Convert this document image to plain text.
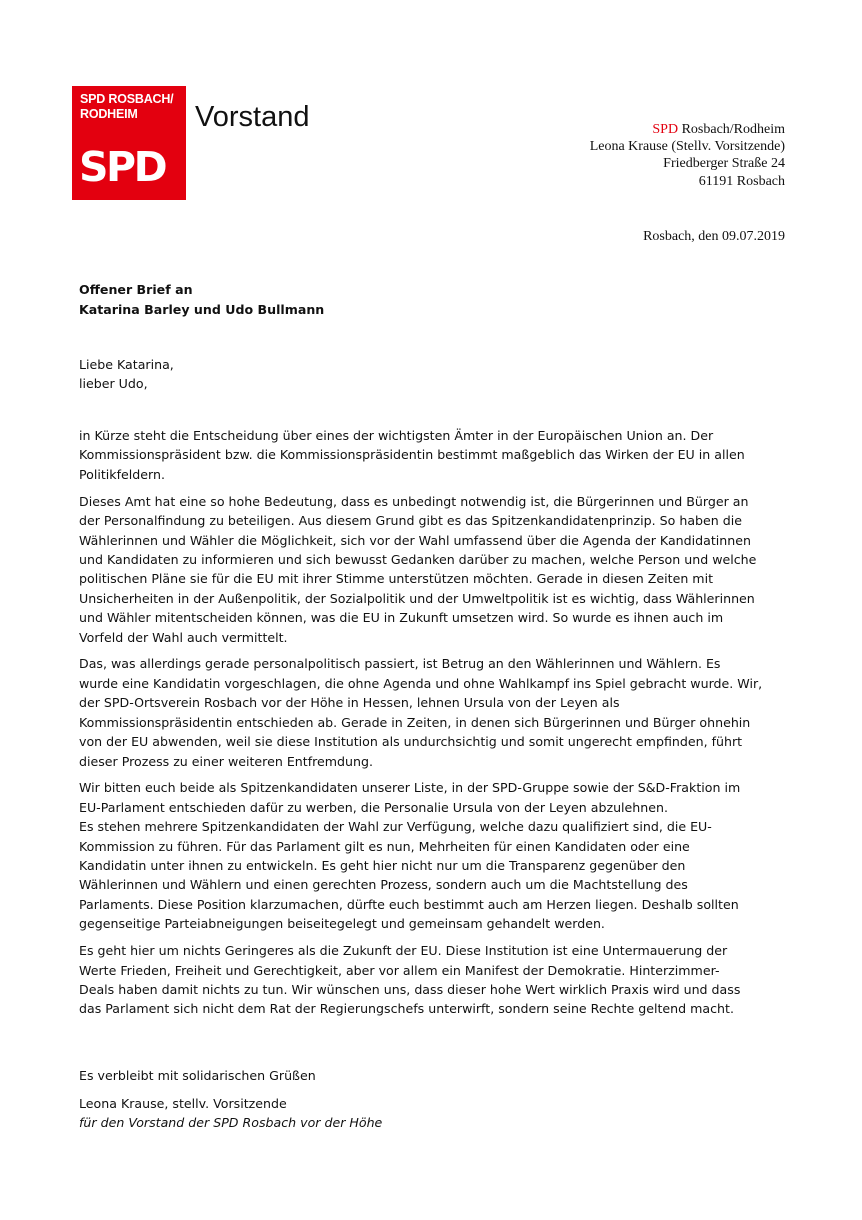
SPD ROSBACH/
RODHEIM
SPD
Vorstand	SPD Rosbach/Rodheim
Leona Krause (Stellv. Vorsitzende)
Friedberger Straße 24
61191 Rosbach
Rosbach, den 09.07.2019
Offener Brief an
Katarina Barley und Udo Bullmann
Liebe Katarina,
lieber Udo,

in Kürze steht die Entscheidung über eines der wichtigsten Ämter in der Europäischen Union an. Der
Kommissionspräsident bzw. die Kommissionspräsidentin bestimmt maßgeblich das Wirken der EU in allen
Politikfeldern.

Dieses Amt hat eine so hohe Bedeutung, dass es unbedingt notwendig ist, die Bürgerinnen und Bürger an
der Personalfindung zu beteiligen. Aus diesem Grund gibt es das Spitzenkandidatenprinzip. So haben die
Wählerinnen und Wähler die Möglichkeit, sich vor der Wahl umfassend über die Agenda der Kandidatinnen
und Kandidaten zu informieren und sich bewusst Gedanken darüber zu machen, welche Person und welche
politischen Pläne sie für die EU mit ihrer Stimme unterstützen möchten. Gerade in diesen Zeiten mit
Unsicherheiten in der Außenpolitik, der Sozialpolitik und der Umweltpolitik ist es wichtig, dass Wählerinnen
und Wähler mitentscheiden können, was die EU in Zukunft umsetzen wird. So wurde es ihnen auch im
Vorfeld der Wahl auch vermittelt.

Das, was allerdings gerade personalpolitisch passiert, ist Betrug an den Wählerinnen und Wählern. Es
wurde eine Kandidatin vorgeschlagen, die ohne Agenda und ohne Wahlkampf ins Spiel gebracht wurde. Wir,
der SPD-Ortsverein Rosbach vor der Höhe in Hessen, lehnen Ursula von der Leyen als
Kommissionspräsidentin entschieden ab. Gerade in Zeiten, in denen sich Bürgerinnen und Bürger ohnehin
von der EU abwenden, weil sie diese Institution als undurchsichtig und somit ungerecht empfinden, führt
dieser Prozess zu einer weiteren Entfremdung.

Wir bitten euch beide als Spitzenkandidaten unserer Liste, in der SPD-Gruppe sowie der S&D-Fraktion im
EU-Parlament entschieden dafür zu werben, die Personalie Ursula von der Leyen abzulehnen.
Es stehen mehrere Spitzenkandidaten der Wahl zur Verfügung, welche dazu qualifiziert sind, die EU-
Kommission zu führen. Für das Parlament gilt es nun, Mehrheiten für einen Kandidaten oder eine
Kandidatin unter ihnen zu entwickeln. Es geht hier nicht nur um die Transparenz gegenüber den
Wählerinnen und Wählern und einen gerechten Prozess, sondern auch um die Machtstellung des
Parlaments. Diese Position klarzumachen, dürfte euch bestimmt auch am Herzen liegen. Deshalb sollten
gegenseitige Parteiabneigungen beiseitegelegt und gemeinsam gehandelt werden.

Es geht hier um nichts Geringeres als die Zukunft der EU. Diese Institution ist eine Untermauerung der
Werte Frieden, Freiheit und Gerechtigkeit, aber vor allem ein Manifest der Demokratie. Hinterzimmer-
Deals haben damit nichts zu tun. Wir wünschen uns, dass dieser hohe Wert wirklich Praxis wird und dass
das Parlament sich nicht dem Rat der Regierungschefs unterwirft, sondern seine Rechte geltend macht.

Es verbleibt mit solidarischen Grüßen
Leona Krause, stellv. Vorsitzende
für den Vorstand der SPD Rosbach vor der Höhe
